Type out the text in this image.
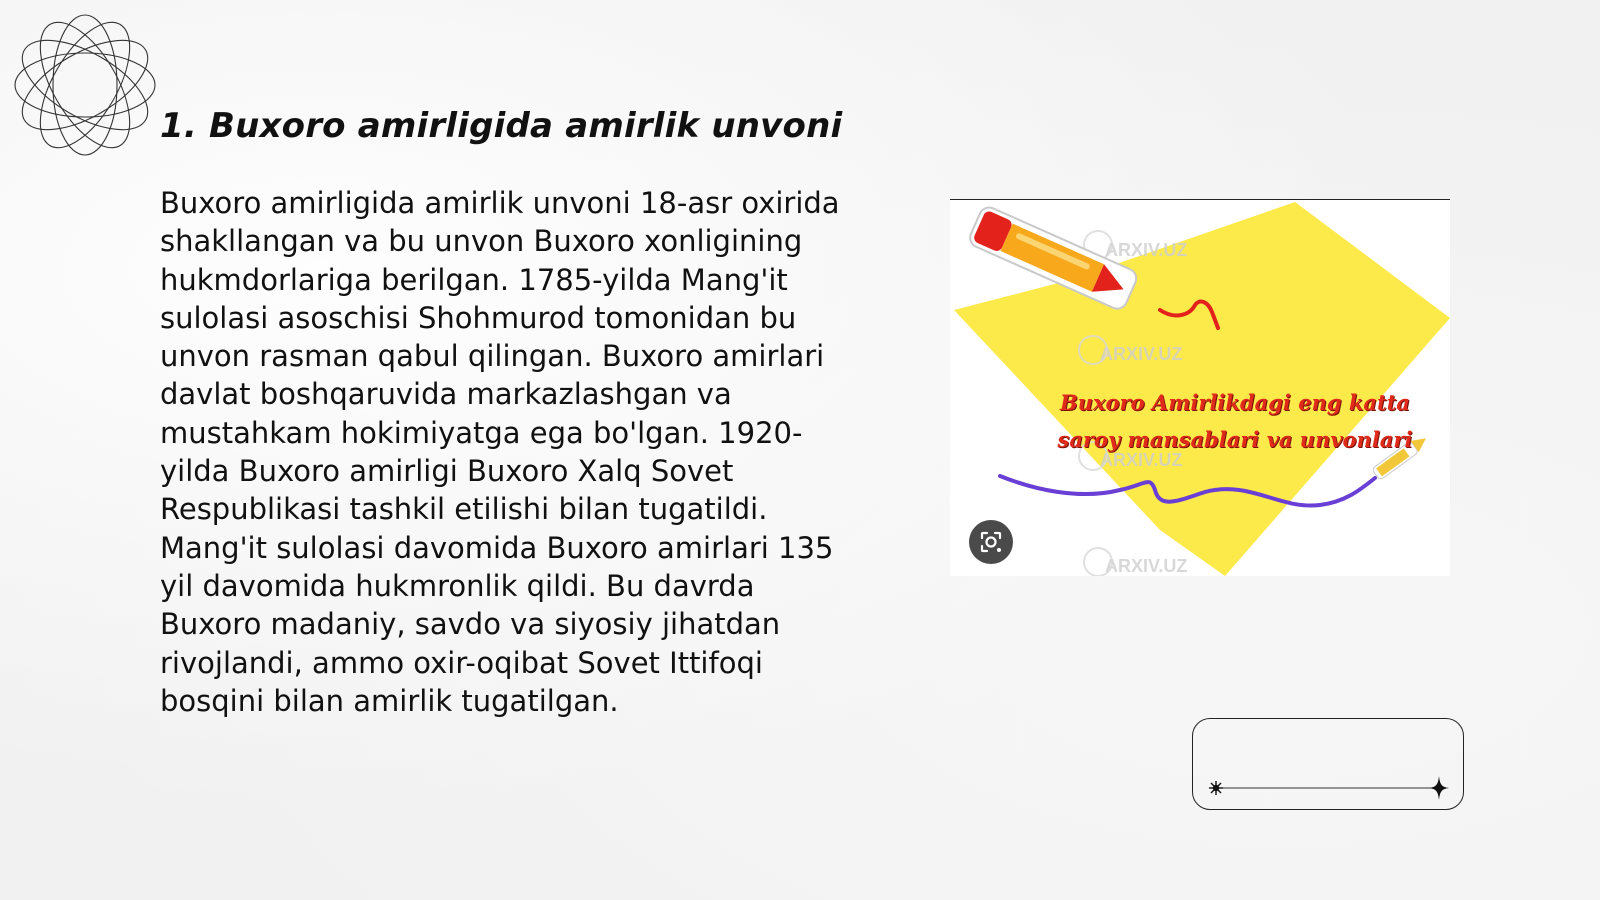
1. Buxoro amirligida amirlik unvoni
Buxoro amirligida amirlik unvoni 18-asr oxirida shakllangan va bu unvon Buxoro xonligining hukmdorlariga berilgan. 1785-yilda Mang'it sulolasi asoschisi Shohmurod tomonidan bu unvon rasman qabul qilingan. Buxoro amirlari davlat boshqaruvida markazlashgan va mustahkam hokimiyatga ega bo'lgan. 1920-yilda Buxoro amirligi Buxoro Xalq Sovet Respublikasi tashkil etilishi bilan tugatildi. Mang'it sulolasi davomida Buxoro amirlari 135 yil davomida hukmronlik qildi. Bu davrda Buxoro madaniy, savdo va siyosiy jihatdan rivojlandi, ammo oxir-oqibat Sovet Ittifoqi bosqini bilan amirlik tugatilgan.
ARXIV.UZ
ARXIV.UZ
ARXIV.UZ
ARXIV.UZ
Buxoro Amirlikdagi eng katta
saroy mansablari va unvonlari
